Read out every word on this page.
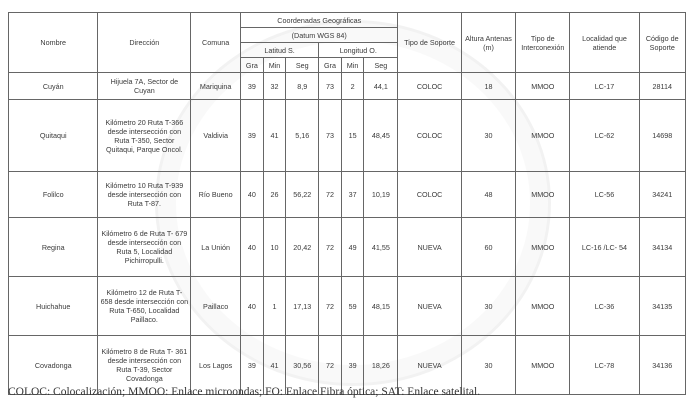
Nombre	Dirección	Comuna	Coordenadas Geográficas						Tipo de Soporte	Altura Antenas (m)	Tipo de Interconexión	Localidad que atiende	Código de Soporte
			(Datum WGS 84)										
			Latitud S.			Longitud O.							
			Gra	Min	Seg	Gra	Min	Seg					
Cuyán	Hijuela 7A, Sector de Cuyan	Mariquina	39	32	8,9	73	2	44,1	COLOC	18	MMOO	LC-17	28114
Quitaqui	Kilómetro 20 Ruta T-366 desde intersección con Ruta T-350, Sector Quitaqui, Parque Oncol.	Valdivia	39	41	5,16	73	15	48,45	COLOC	30	MMOO	LC-62	14698
Folilco	Kilómetro 10 Ruta T-939 desde intersección con Ruta T-87.	Río Bueno	40	26	56,22	72	37	10,19	COLOC	48	MMOO	LC-56	34241
Regina	Kilómetro 6 de Ruta T- 679 desde intersección con Ruta 5, Localidad Pichirropulli.	La Unión	40	10	20,42	72	49	41,55	NUEVA	60	MMOO	LC-16 /LC- 54	34134
Huichahue	Kilómetro 12 de Ruta T- 658 desde intersección con Ruta T-650, Localidad Paillaco.	Paillaco	40	1	17,13	72	59	48,15	NUEVA	30	MMOO	LC-36	34135
Covadonga	Kilómetro 8 de Ruta T- 361 desde intersección con Ruta T-39, Sector Covadonga	Los Lagos	39	41	30,56	72	39	18,26	NUEVA	30	MMOO	LC-78	34136
COLOC: Colocalización; MMOO: Enlace microondas; FO: Enlace Fibra óptica; SAT: Enlace satelital.
